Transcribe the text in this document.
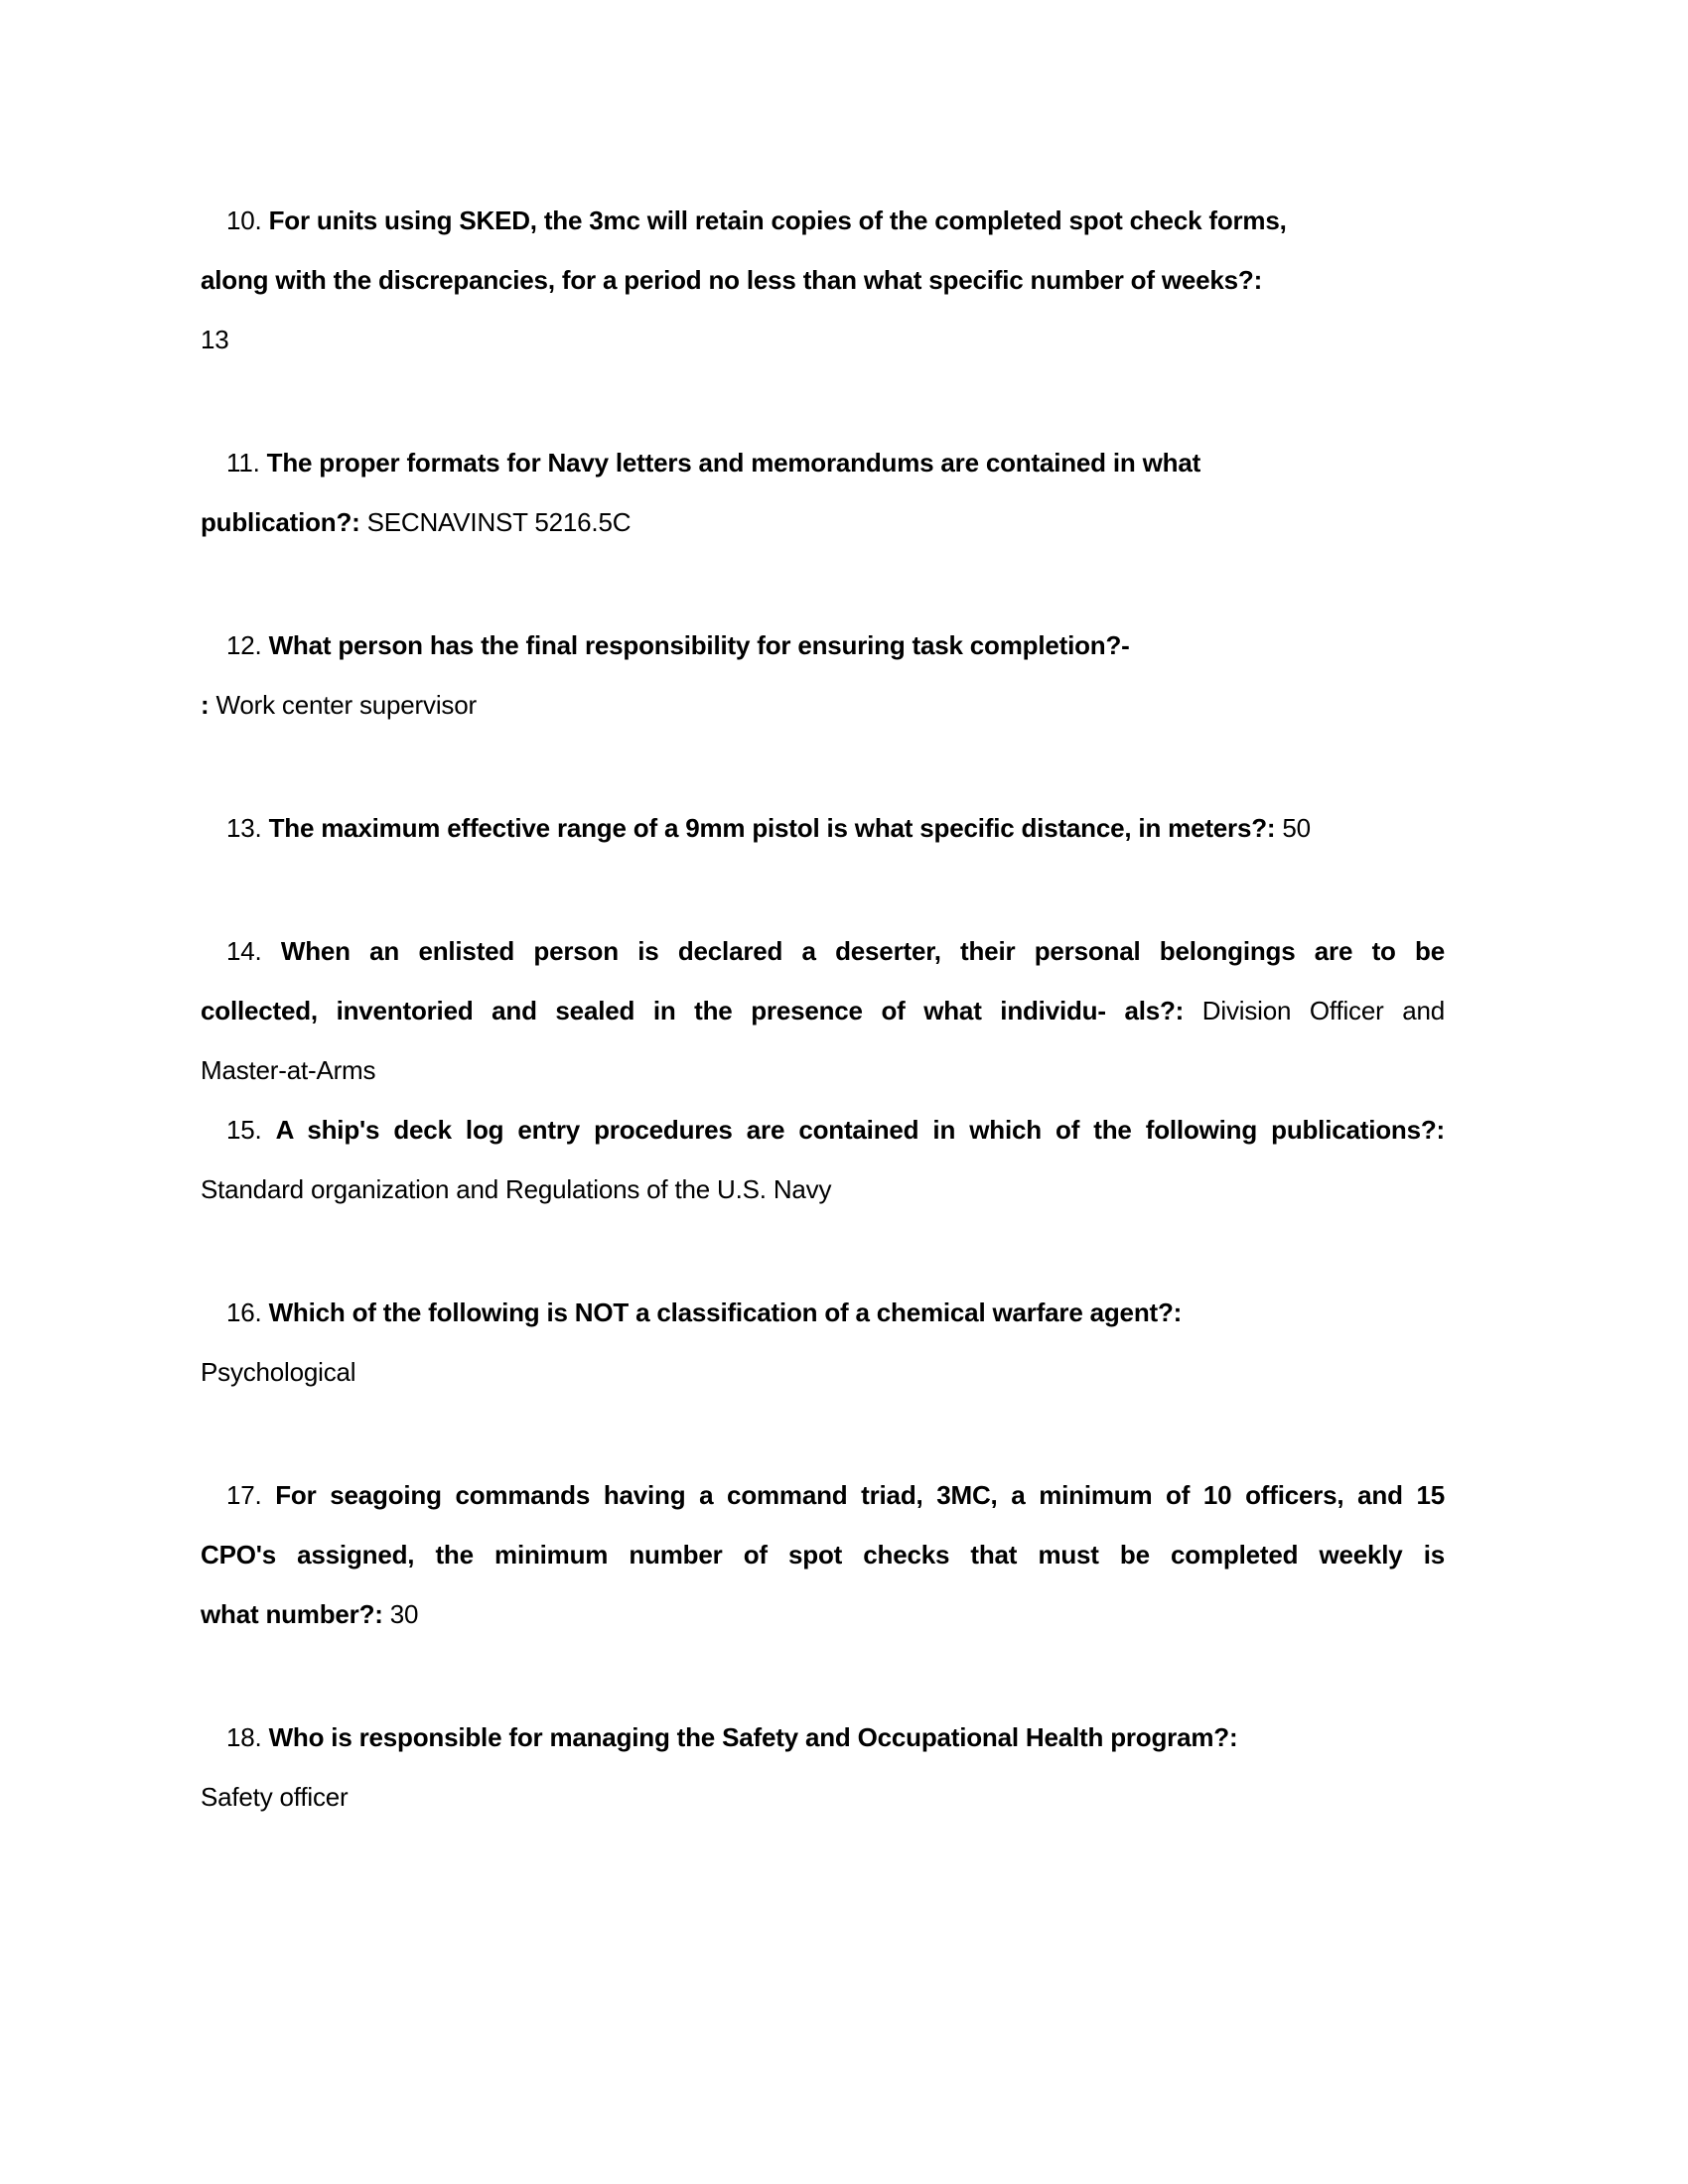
10. For units using SKED, the 3mc will retain copies of the completed spot check forms,
along with the discrepancies, for a period no less than what specific number of weeks?:
13
11. The proper formats for Navy letters and memorandums are contained in what
publication?: SECNAVINST 5216.5C
12. What person has the final responsibility for ensuring task completion?-
: Work center supervisor
13. The maximum effective range of a 9mm pistol is what specific distance, in meters?: 50
14. When an enlisted person is declared a deserter, their personal belongings are to be
collected, inventoried and sealed in the presence of what individu- als?: Division Officer and
Master-at-Arms
15. A ship's deck log entry procedures are contained in which of the following publications?:
Standard organization and Regulations of the U.S. Navy
16. Which of the following is NOT a classification of a chemical warfare agent?:
Psychological
17. For seagoing commands having a command triad, 3MC, a minimum of 10 officers, and 15
CPO's assigned, the minimum number of spot checks that must be completed weekly is
what number?: 30
18. Who is responsible for managing the Safety and Occupational Health program?:
Safety officer
